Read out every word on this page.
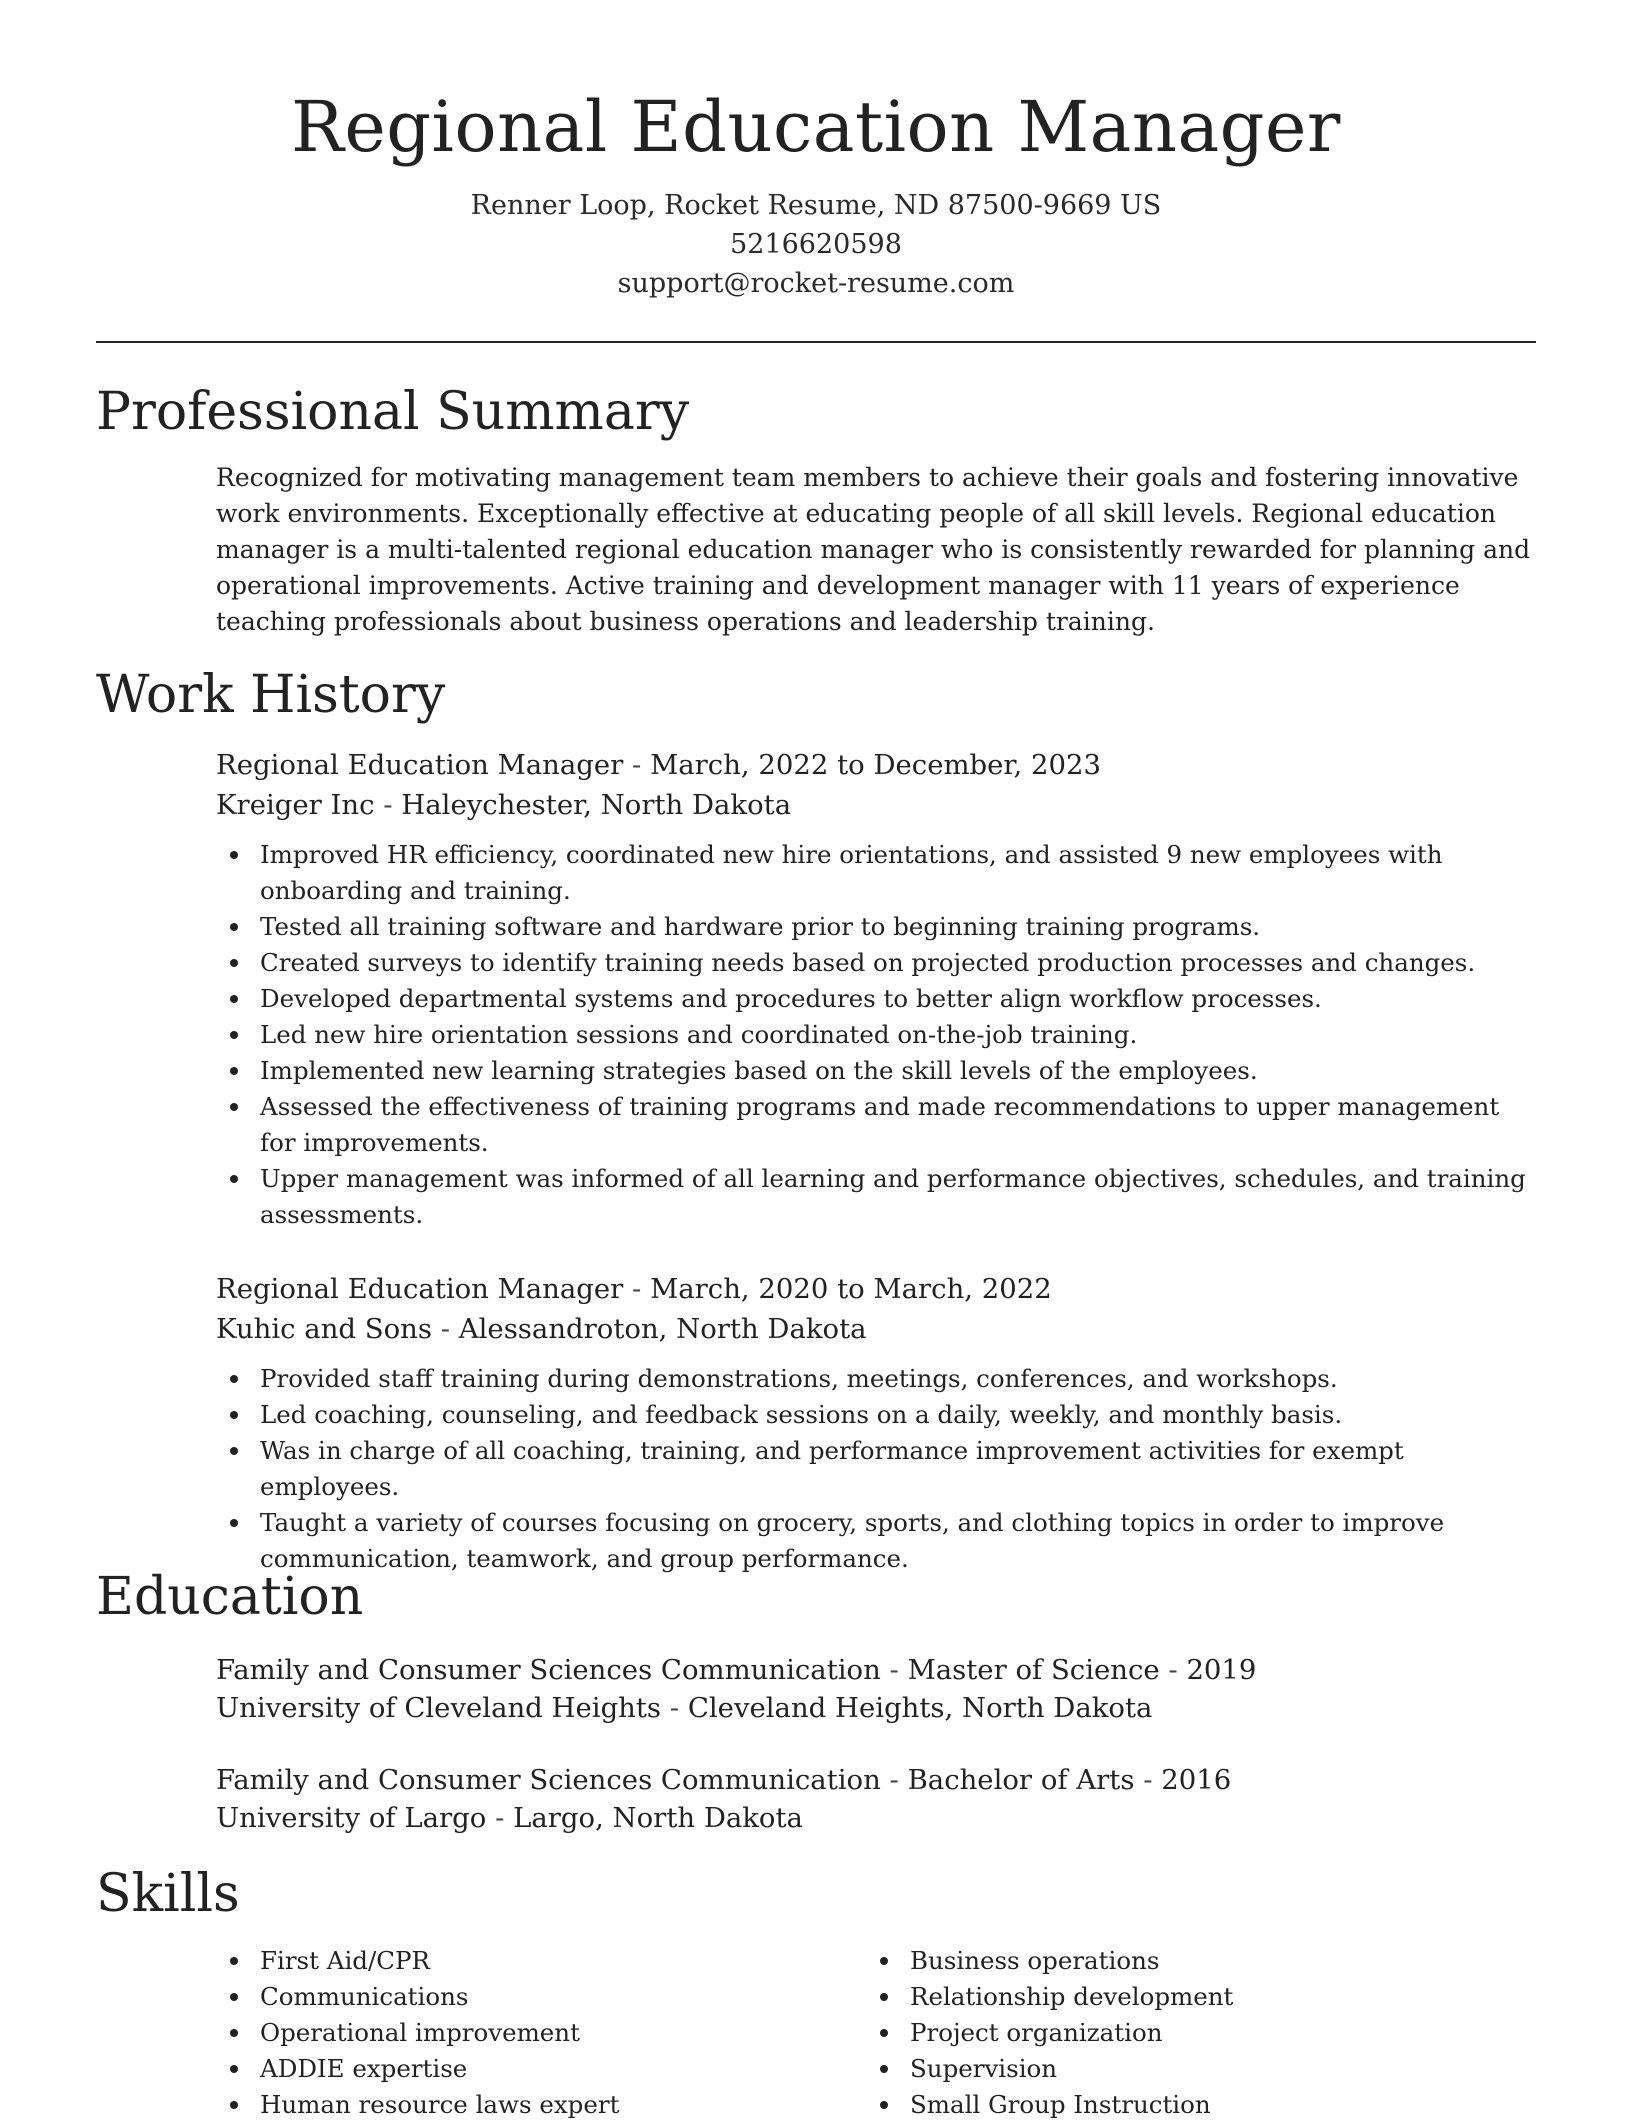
Regional Education Manager
Renner Loop, Rocket Resume, ND 87500-9669 US
5216620598
support@rocket-resume.com
Professional Summary
Recognized for motivating management team members to achieve their goals and fostering innovative work environments. Exceptionally effective at educating people of all skill levels. Regional education manager is a multi-talented regional education manager who is consistently rewarded for planning and operational improvements. Active training and development manager with 11 years of experience teaching professionals about business operations and leadership training.
Work History
Regional Education Manager - March, 2022 to December, 2023
Kreiger Inc - Haleychester, North Dakota
Improved HR efficiency, coordinated new hire orientations, and assisted 9 new employees with onboarding and training.
Tested all training software and hardware prior to beginning training programs.
Created surveys to identify training needs based on projected production processes and changes.
Developed departmental systems and procedures to better align workflow processes.
Led new hire orientation sessions and coordinated on-the-job training.
Implemented new learning strategies based on the skill levels of the employees.
Assessed the effectiveness of training programs and made recommendations to upper management for improvements.
Upper management was informed of all learning and performance objectives, schedules, and training assessments.
Regional Education Manager - March, 2020 to March, 2022
Kuhic and Sons - Alessandroton, North Dakota
Provided staff training during demonstrations, meetings, conferences, and workshops.
Led coaching, counseling, and feedback sessions on a daily, weekly, and monthly basis.
Was in charge of all coaching, training, and performance improvement activities for exempt employees.
Taught a variety of courses focusing on grocery, sports, and clothing topics in order to improve communication, teamwork, and group performance.
Education
Family and Consumer Sciences Communication - Master of Science - 2019
University of Cleveland Heights - Cleveland Heights, North Dakota
Family and Consumer Sciences Communication - Bachelor of Arts - 2016
University of Largo - Largo, North Dakota
Skills
First Aid/CPR
Communications
Operational improvement
ADDIE expertise
Human resource laws expert
Business operations
Relationship development
Project organization
Supervision
Small Group Instruction
